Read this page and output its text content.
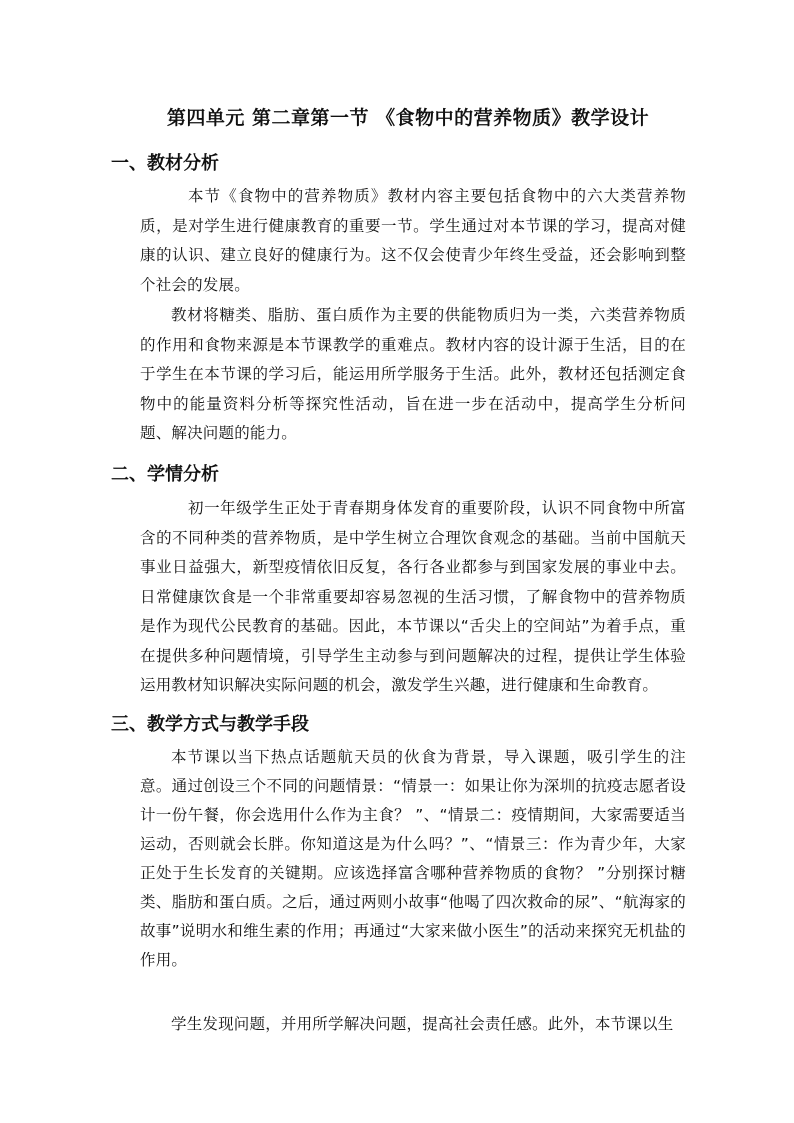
第四单元 第二章第一节 《食物中的营养物质》教学设计
一、教材分析

本节《食物中的营养物质》教材内容主要包括食物中的六大类营养物质，是对学生进行健康教育的重要一节。学生通过对本节课的学习，提高对健康的认识、建立良好的健康行为。这不仅会使青少年终生受益，还会影响到整个社会的发展。

教材将糖类、脂肪、蛋白质作为主要的供能物质归为一类，六类营养物质的作用和食物来源是本节课教学的重难点。教材内容的设计源于生活，目的在于学生在本节课的学习后，能运用所学服务于生活。此外，教材还包括测定食物中的能量资料分析等探究性活动，旨在进一步在活动中，提高学生分析问题、解决问题的能力。

二、学情分析

初一年级学生正处于青春期身体发育的重要阶段，认识不同食物中所富含的不同种类的营养物质，是中学生树立合理饮食观念的基础。当前中国航天事业日益强大，新型疫情依旧反复，各行各业都参与到国家发展的事业中去。日常健康饮食是一个非常重要却容易忽视的生活习惯，了解食物中的营养物质是作为现代公民教育的基础。因此，本节课以“舌尖上的空间站”为着手点，重在提供多种问题情境，引导学生主动参与到问题解决的过程，提供让学生体验运用教材知识解决实际问题的机会，激发学生兴趣，进行健康和生命教育。

三、教学方式与教学手段

本节课以当下热点话题航天员的伙食为背景，导入课题，吸引学生的注意。通过创设三个不同的问题情景：“情景一：如果让你为深圳的抗疫志愿者设计一份午餐，你会选用什么作为主食？ ”、“情景二：疫情期间，大家需要适当运动，否则就会长胖。你知道这是为什么吗？”、“情景三：作为青少年，大家正处于生长发育的关键期。应该选择富含哪种营养物质的食物？ ”分别探讨糖类、脂肪和蛋白质。之后，通过两则小故事“他喝了四次救命的尿”、“航海家的故事”说明水和维生素的作用；再通过“大家来做小医生”的活动来探究无机盐的作用。

学生发现问题，并用所学解决问题，提高社会责任感。此外，本节课以生
